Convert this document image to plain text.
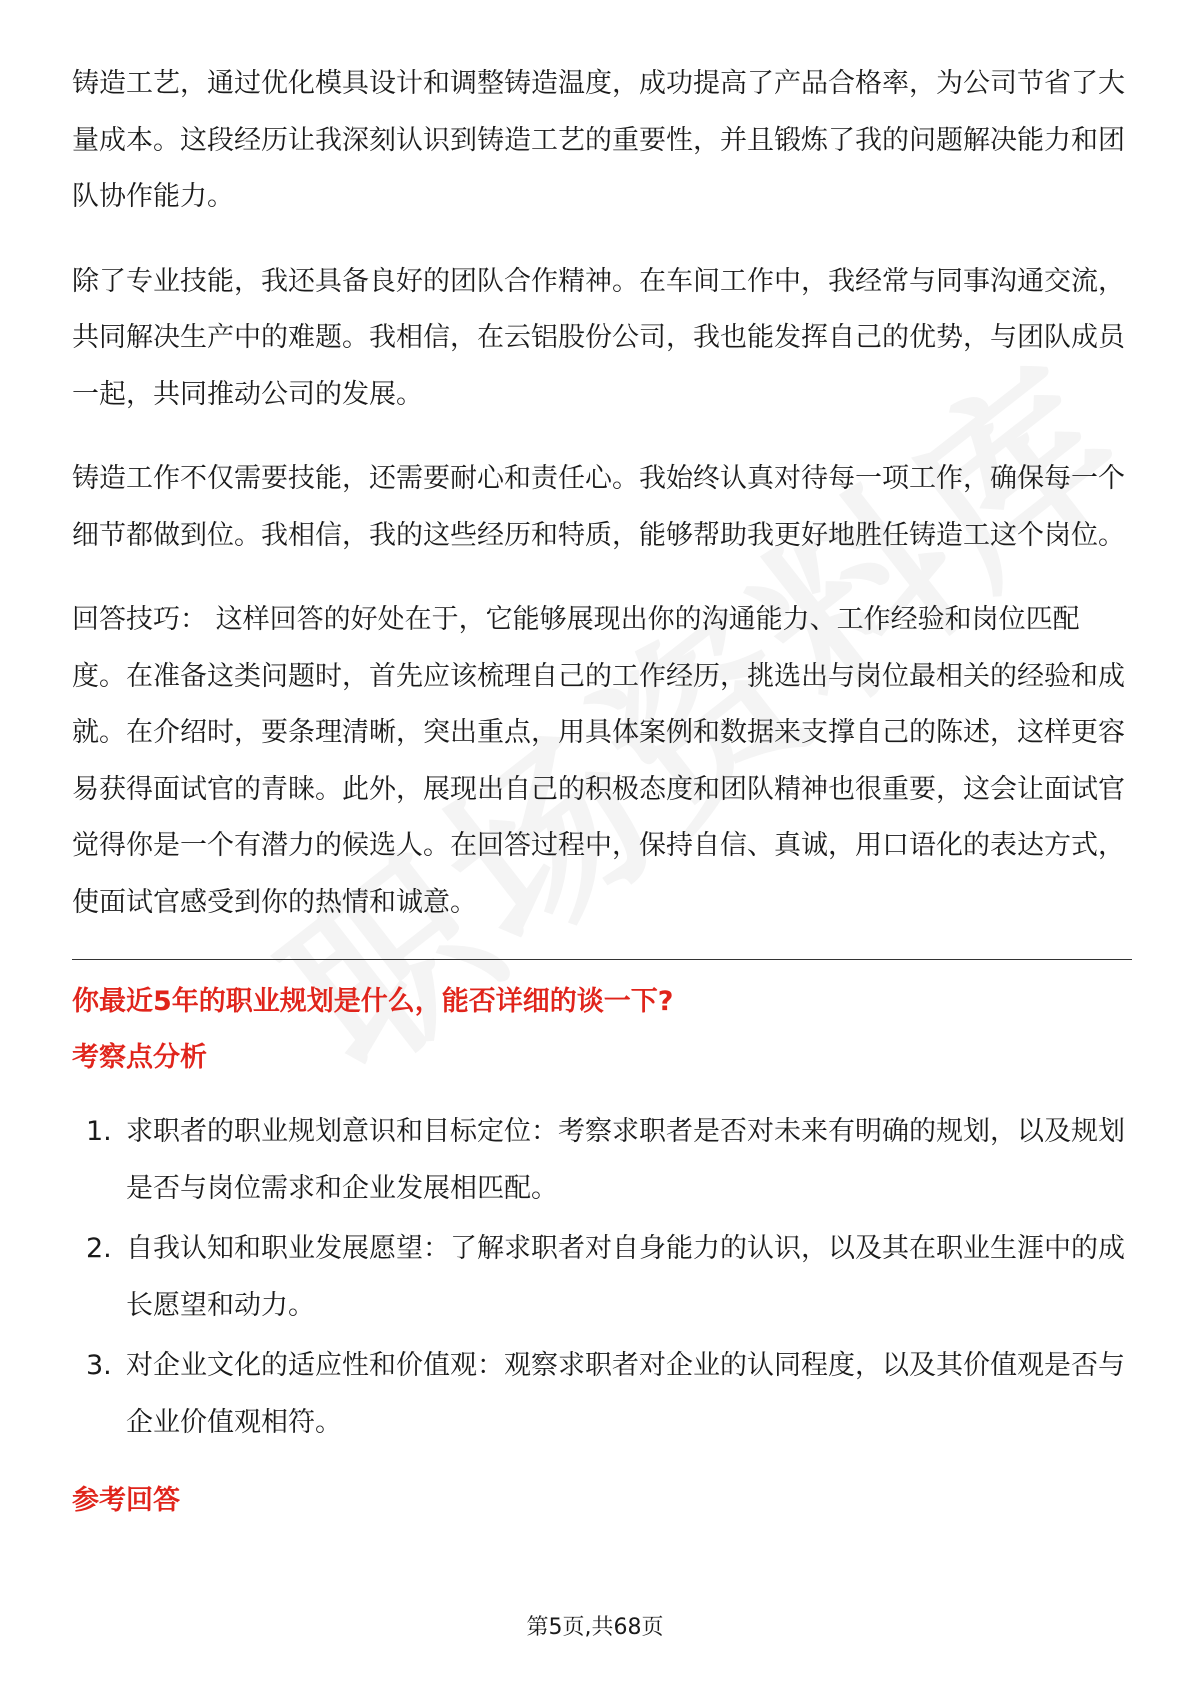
铸造工艺，通过优化模具设计和调整铸造温度，成功提高了产品合格率，为公司节省了大量成本。这段经历让我深刻认识到铸造工艺的重要性，并且锻炼了我的问题解决能力和团队协作能力。

除了专业技能，我还具备良好的团队合作精神。在车间工作中，我经常与同事沟通交流，共同解决生产中的难题。我相信，在云铝股份公司，我也能发挥自己的优势，与团队成员一起，共同推动公司的发展。

铸造工作不仅需要技能，还需要耐心和责任心。我始终认真对待每一项工作，确保每一个细节都做到位。我相信，我的这些经历和特质，能够帮助我更好地胜任铸造工这个岗位。

回答技巧： 这样回答的好处在于，它能够展现出你的沟通能力、工作经验和岗位匹配度。在准备这类问题时，首先应该梳理自己的工作经历，挑选出与岗位最相关的经验和成就。在介绍时，要条理清晰，突出重点，用具体案例和数据来支撑自己的陈述，这样更容易获得面试官的青睐。此外，展现出自己的积极态度和团队精神也很重要，这会让面试官觉得你是一个有潜力的候选人。在回答过程中，保持自信、真诚，用口语化的表达方式，使面试官感受到你的热情和诚意。

你最近5年的职业规划是什么，能否详细的谈一下?

考察点分析

1. 求职者的职业规划意识和目标定位：考察求职者是否对未来有明确的规划，以及规划是否与岗位需求和企业发展相匹配。
2. 自我认知和职业发展愿望：了解求职者对自身能力的认识，以及其在职业生涯中的成长愿望和动力。
3. 对企业文化的适应性和价值观：观察求职者对企业的认同程度，以及其价值观是否与企业价值观相符。

参考回答

第5页,共68页
